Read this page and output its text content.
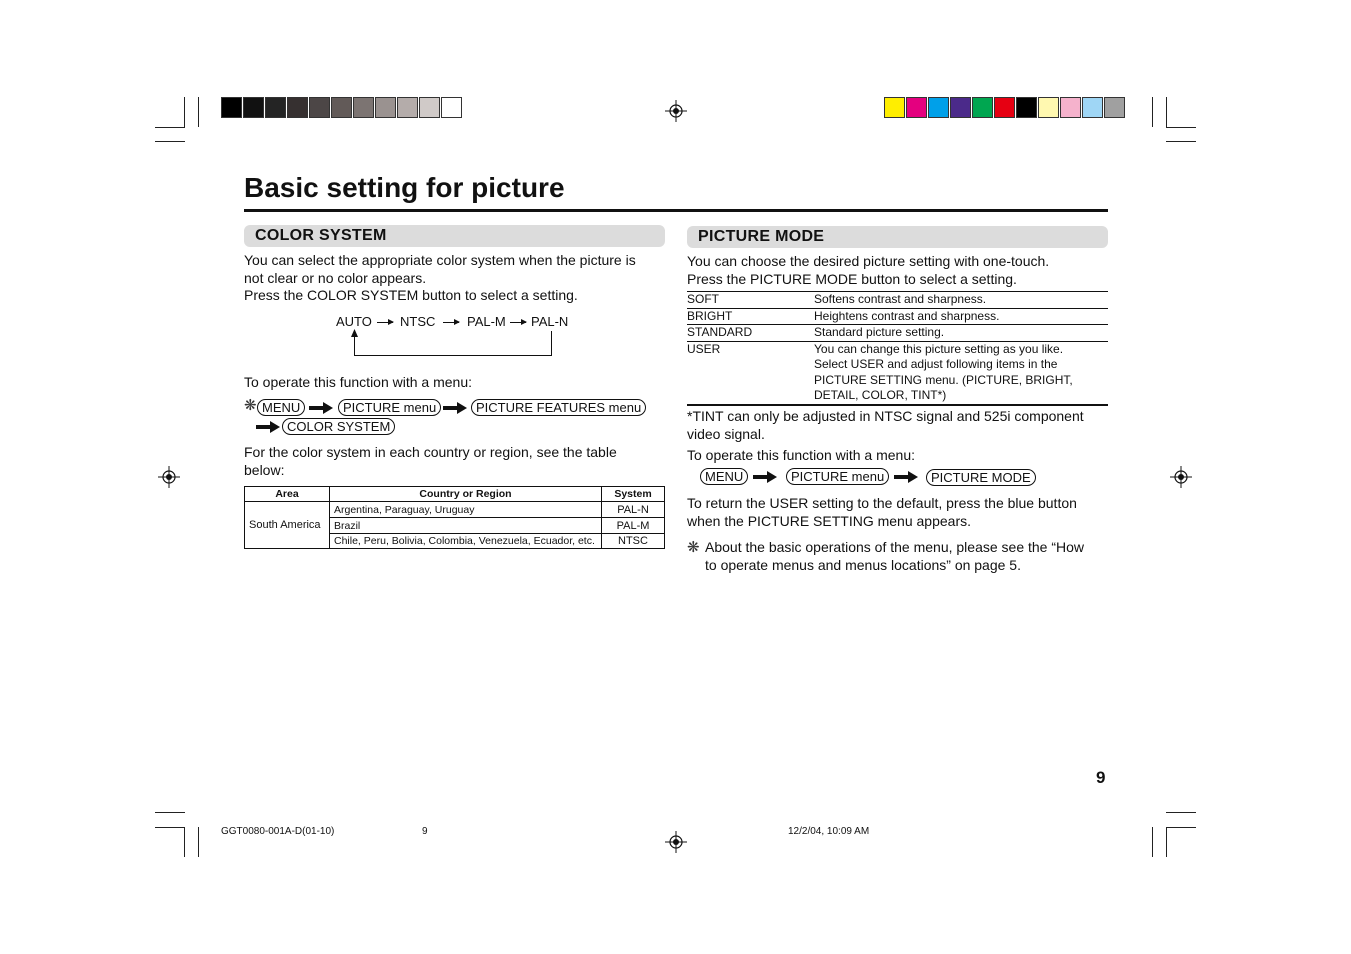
Basic setting for picture
COLOR SYSTEM

You can select the appropriate color system when the picture is
not clear or no color appears.
Press the COLOR SYSTEM button to select a setting.

AUTO NTSC PAL-M PAL-N

To operate this function with a menu:

❋ MENU	PICTURE menu	PICTURE FEATURES menu
COLOR SYSTEM

For the color system in each country or region, see the table
below:

Area	Country or Region	System
South America	Argentina, Paraguay, Uruguay	PAL-N
	Brazil	PAL-M
	Chile, Peru, Bolivia, Colombia, Venezuela, Ecuador, etc.	NTSC
PICTURE MODE

You can choose the desired picture setting with one-touch.
Press the PICTURE MODE button to select a setting.

SOFT	Softens contrast and sharpness.
BRIGHT	Heightens contrast and sharpness.
STANDARD	Standard picture setting.
USER	You can change this picture setting as you like. Select USER and adjust following items in the PICTURE SETTING menu. (PICTURE, BRIGHT, DETAIL, COLOR, TINT*)

*TINT can only be adjusted in NTSC signal and 525i component
video signal.

To operate this function with a menu:

MENU	PICTURE menu	PICTURE MODE

To return the USER setting to the default, press the blue button
when the PICTURE SETTING menu appears.

❋ About the basic operations of the menu, please see the “How
to operate menus and menus locations” on page 5.

9
GGT0080-001A-D(01-10)	9	12/2/04, 10:09 AM
